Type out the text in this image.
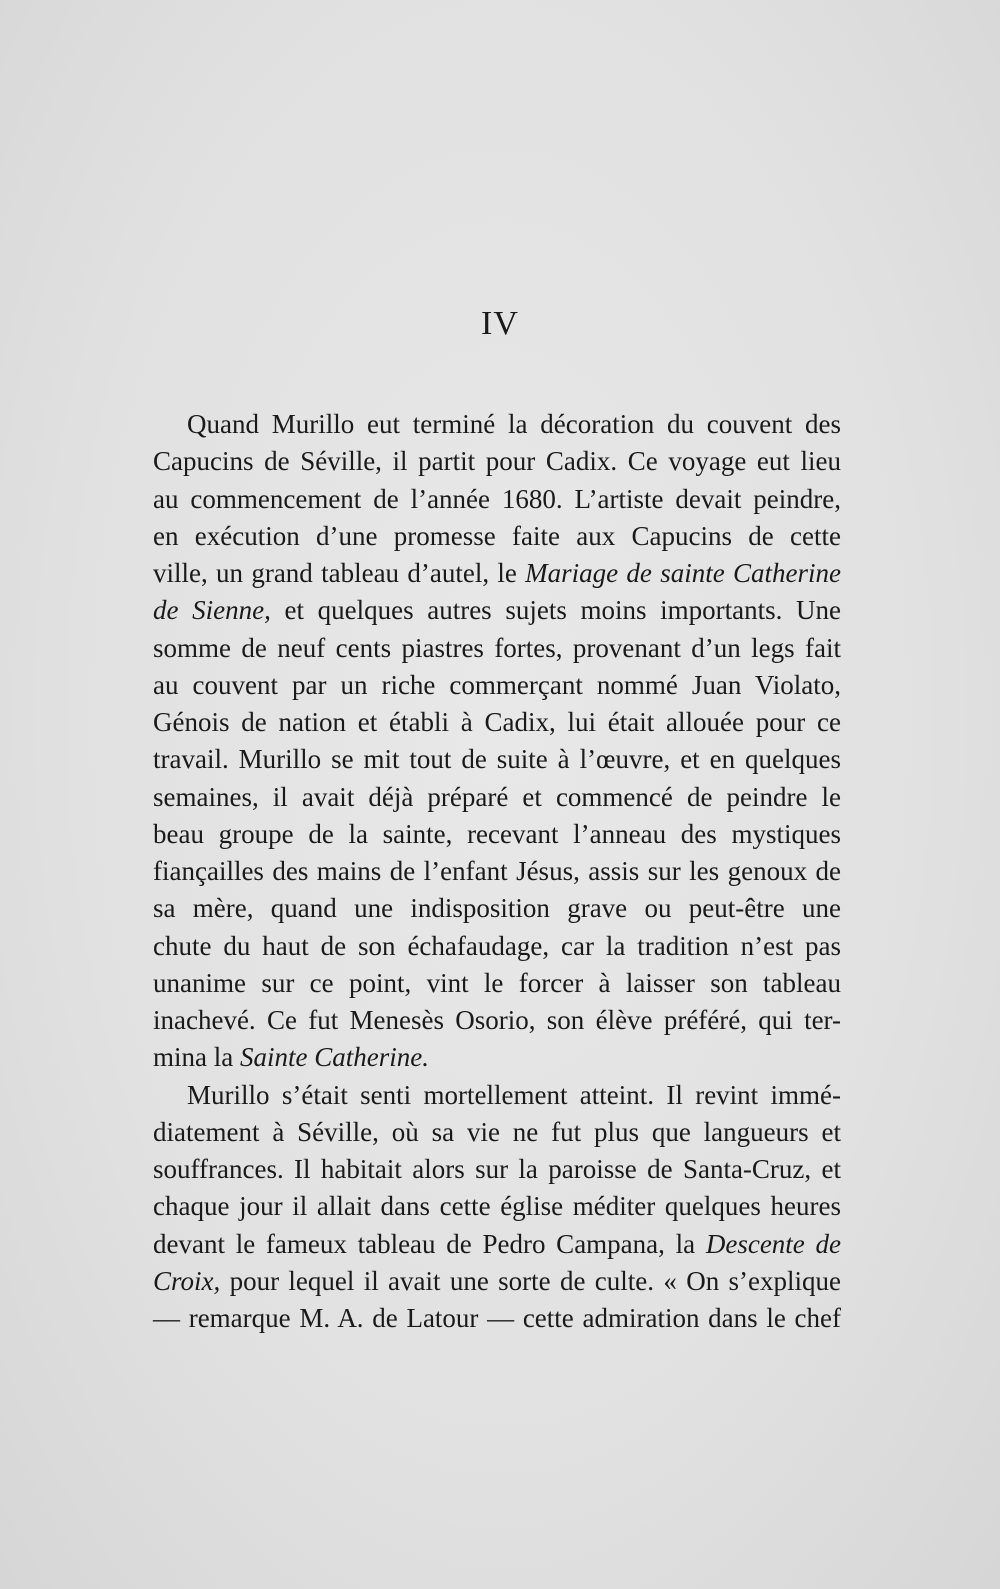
IV
Quand Murillo eut terminé la décoration du couvent des
Capucins de Séville, il partit pour Cadix. Ce voyage eut lieu
au commencement de l’année 1680. L’artiste devait peindre,
en exécution d’une promesse faite aux Capucins de cette
ville, un grand tableau d’autel, le Mariage de sainte Catherine
de Sienne, et quelques autres sujets moins importants. Une
somme de neuf cents piastres fortes, provenant d’un legs fait
au couvent par un riche commerçant nommé Juan Violato,
Génois de nation et établi à Cadix, lui était allouée pour ce
travail. Murillo se mit tout de suite à l’œuvre, et en quelques
semaines, il avait déjà préparé et commencé de peindre le
beau groupe de la sainte, recevant l’anneau des mystiques
fiançailles des mains de l’enfant Jésus, assis sur les genoux de
sa mère, quand une indisposition grave ou peut-être une
chute du haut de son échafaudage, car la tradition n’est pas
unanime sur ce point, vint le forcer à laisser son tableau
inachevé. Ce fut Menesès Osorio, son élève préféré, qui ter-
mina la Sainte Catherine.
Murillo s’était senti mortellement atteint. Il revint immé-
diatement à Séville, où sa vie ne fut plus que langueurs et
souffrances. Il habitait alors sur la paroisse de Santa-Cruz, et
chaque jour il allait dans cette église méditer quelques heures
devant le fameux tableau de Pedro Campana, la Descente de
Croix, pour lequel il avait une sorte de culte. « On s’explique
— remarque M. A. de Latour — cette admiration dans le chef
